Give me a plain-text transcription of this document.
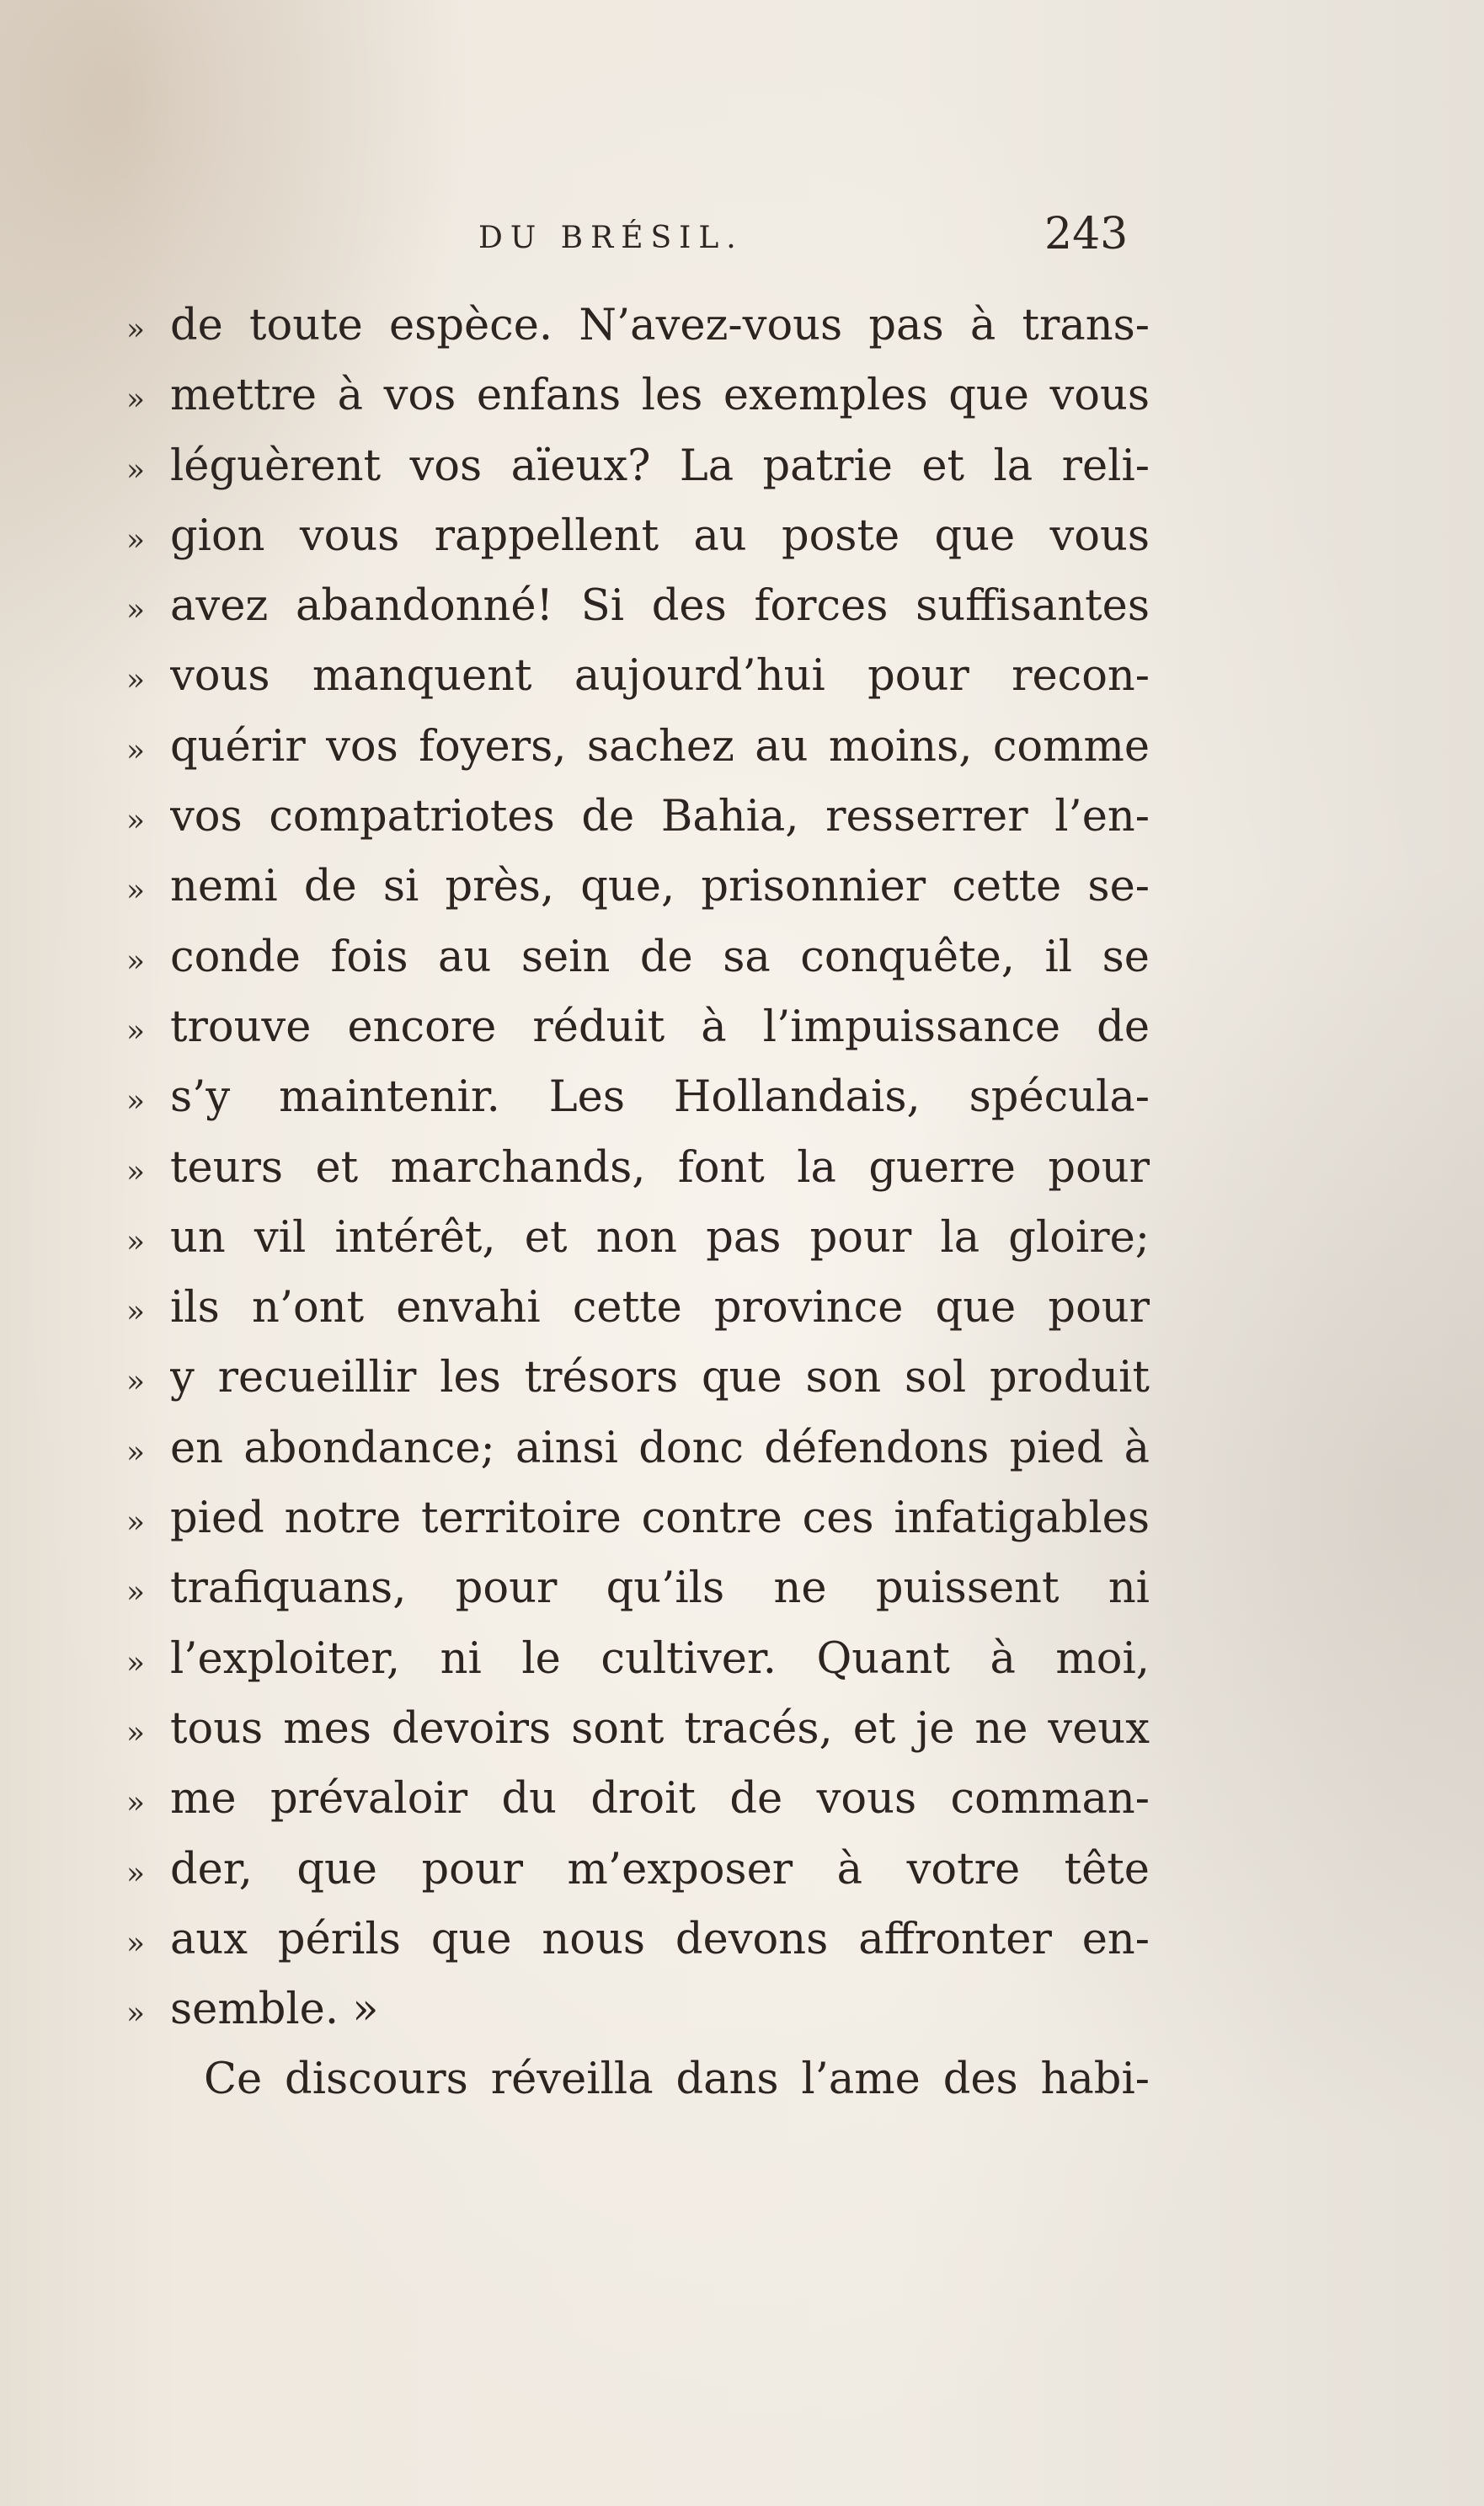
DU BRÉSIL.	243
» de toute espèce. N’avez-vous pas à trans-
» mettre à vos enfans les exemples que vous
» léguèrent vos aïeux? La patrie et la reli-
» gion vous rappellent au poste que vous
» avez abandonné! Si des forces suffisantes
» vous manquent aujourd’hui pour recon-
» quérir vos foyers, sachez au moins, comme
» vos compatriotes de Bahia, resserrer l’en-
» nemi de si près, que, prisonnier cette se-
» conde fois au sein de sa conquête, il se
» trouve encore réduit à l’impuissance de
» s’y maintenir. Les Hollandais, spécula-
» teurs et marchands, font la guerre pour
» un vil intérêt, et non pas pour la gloire;
» ils n’ont envahi cette province que pour
» y recueillir les trésors que son sol produit
» en abondance; ainsi donc défendons pied à
» pied notre territoire contre ces infatigables
» trafiquans, pour qu’ils ne puissent ni
» l’exploiter, ni le cultiver. Quant à moi,
» tous mes devoirs sont tracés, et je ne veux
» me prévaloir du droit de vous comman-
» der, que pour m’exposer à votre tête
» aux périls que nous devons affronter en-
» semble. »
Ce discours réveilla dans l’ame des habi-
